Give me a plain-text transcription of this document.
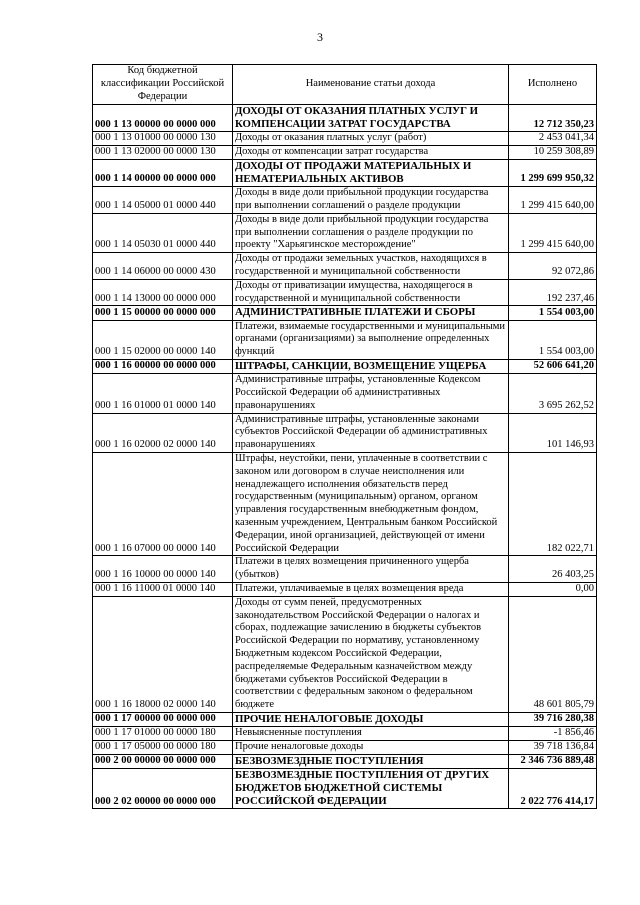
3
Код бюджетной классификации Российской Федерации	Наименование статьи дохода	Исполнено
000 1 13 00000 00 0000 000	ДОХОДЫ ОТ ОКАЗАНИЯ ПЛАТНЫХ УСЛУГ И КОМПЕНСАЦИИ ЗАТРАТ ГОСУДАРСТВА	12 712 350,23
000 1 13 01000 00 0000 130	Доходы от оказания платных услуг (работ)	2 453 041,34
000 1 13 02000 00 0000 130	Доходы от компенсации затрат государства	10 259 308,89
000 1 14 00000 00 0000 000	ДОХОДЫ ОТ ПРОДАЖИ МАТЕРИАЛЬНЫХ И НЕМАТЕРИАЛЬНЫХ АКТИВОВ	1 299 699 950,32
000 1 14 05000 01 0000 440	Доходы в виде доли прибыльной продукции государства при выполнении соглашений о разделе продукции	1 299 415 640,00
000 1 14 05030 01 0000 440	Доходы в виде доли прибыльной продукции государства при выполнении соглашения о разделе продукции по проекту "Харьягинское месторождение"	1 299 415 640,00
000 1 14 06000 00 0000 430	Доходы от продажи земельных участков, находящихся в государственной и муниципальной собственности	92 072,86
000 1 14 13000 00 0000 000	Доходы от приватизации имущества, находящегося в государственной и муниципальной собственности	192 237,46
000 1 15 00000 00 0000 000	АДМИНИСТРАТИВНЫЕ ПЛАТЕЖИ И СБОРЫ	1 554 003,00
000 1 15 02000 00 0000 140	Платежи, взимаемые государственными и муниципальными органами (организациями) за выполнение определенных функций	1 554 003,00
000 1 16 00000 00 0000 000	ШТРАФЫ, САНКЦИИ, ВОЗМЕЩЕНИЕ УЩЕРБА	52 606 641,20
000 1 16 01000 01 0000 140	Административные штрафы, установленные Кодексом Российской Федерации об административных правонарушениях	3 695 262,52
000 1 16 02000 02 0000 140	Административные штрафы, установленные законами субъектов Российской Федерации об административных правонарушениях	101 146,93
000 1 16 07000 00 0000 140	Штрафы, неустойки, пени, уплаченные в соответствии с законом или договором в случае неисполнения или ненадлежащего исполнения обязательств перед государственным (муниципальным) органом, органом управления государственным внебюджетным фондом, казенным учреждением, Центральным банком Российской Федерации, иной организацией, действующей от имени Российской Федерации	182 022,71
000 1 16 10000 00 0000 140	Платежи в целях возмещения причиненного ущерба (убытков)	26 403,25
000 1 16 11000 01 0000 140	Платежи, уплачиваемые в целях возмещения вреда	0,00
000 1 16 18000 02 0000 140	Доходы от сумм пеней, предусмотренных законодательством Российской Федерации о налогах и сборах, подлежащие зачислению в бюджеты субъектов Российской Федерации по нормативу, установленному Бюджетным кодексом Российской Федерации, распределяемые Федеральным казначейством между бюджетами субъектов Российской Федерации в соответствии с федеральным законом о федеральном бюджете	48 601 805,79
000 1 17 00000 00 0000 000	ПРОЧИЕ НЕНАЛОГОВЫЕ ДОХОДЫ	39 716 280,38
000 1 17 01000 00 0000 180	Невыясненные поступления	-1 856,46
000 1 17 05000 00 0000 180	Прочие неналоговые доходы	39 718 136,84
000 2 00 00000 00 0000 000	БЕЗВОЗМЕЗДНЫЕ ПОСТУПЛЕНИЯ	2 346 736 889,48
000 2 02 00000 00 0000 000	БЕЗВОЗМЕЗДНЫЕ ПОСТУПЛЕНИЯ ОТ ДРУГИХ БЮДЖЕТОВ БЮДЖЕТНОЙ СИСТЕМЫ РОССИЙСКОЙ ФЕДЕРАЦИИ	2 022 776 414,17
